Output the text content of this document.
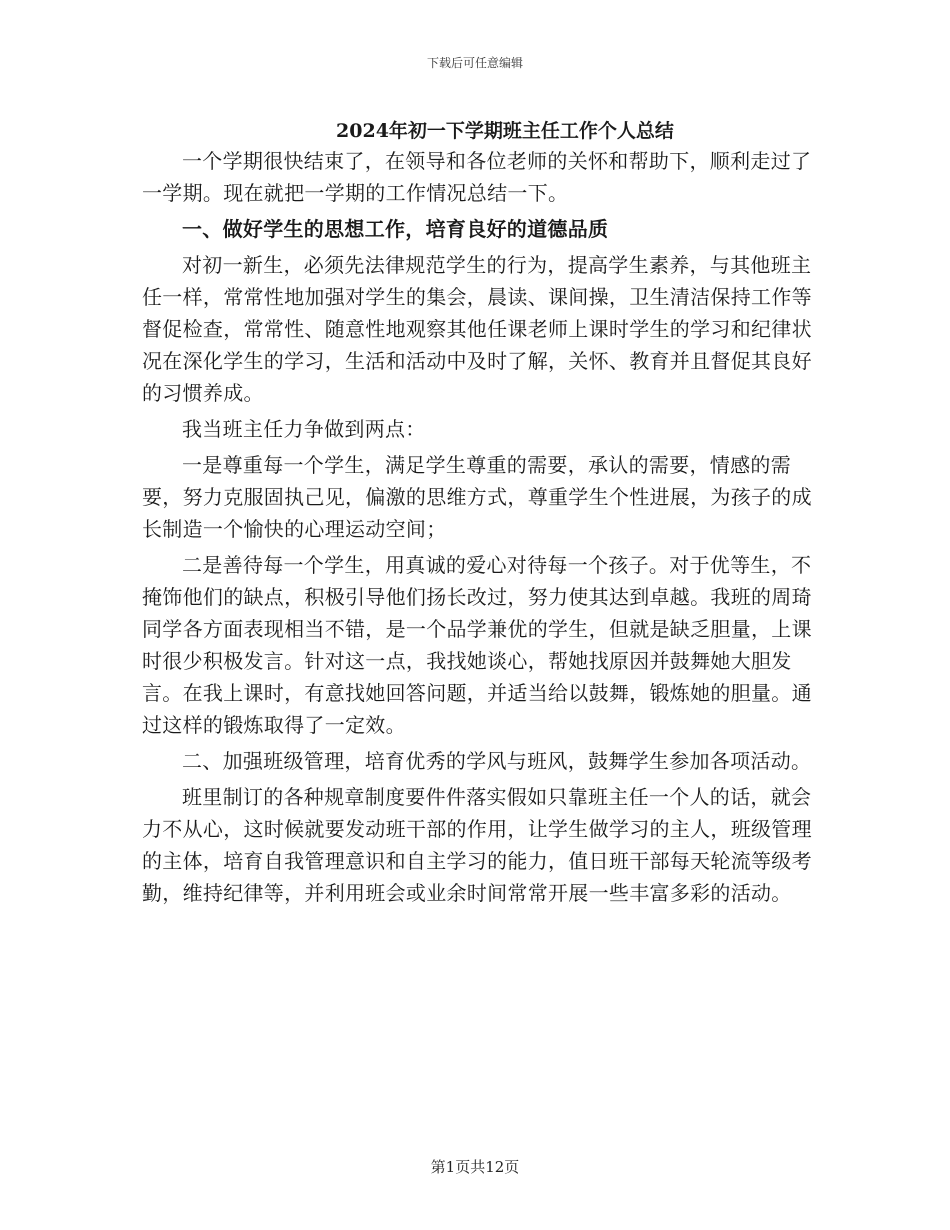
下载后可任意编辑
2024年初一下学期班主任工作个人总结

一个学期很快结束了，在领导和各位老师的关怀和帮助下，顺利走过了一学期。现在就把一学期的工作情况总结一下。

一、做好学生的思想工作，培育良好的道德品质

对初一新生，必须先法律规范学生的行为，提高学生素养，与其他班主任一样，常常性地加强对学生的集会，晨读、课间操，卫生清洁保持工作等督促检查，常常性、随意性地观察其他任课老师上课时学生的学习和纪律状况在深化学生的学习，生活和活动中及时了解，关怀、教育并且督促其良好的习惯养成。

我当班主任力争做到两点：

一是尊重每一个学生，满足学生尊重的需要，承认的需要，情感的需要，努力克服固执己见，偏激的思维方式，尊重学生个性进展，为孩子的成长制造一个愉快的心理运动空间；

二是善待每一个学生，用真诚的爱心对待每一个孩子。对于优等生，不掩饰他们的缺点，积极引导他们扬长改过，努力使其达到卓越。我班的周琦同学各方面表现相当不错，是一个品学兼优的学生，但就是缺乏胆量，上课时很少积极发言。针对这一点，我找她谈心，帮她找原因并鼓舞她大胆发言。在我上课时，有意找她回答问题，并适当给以鼓舞，锻炼她的胆量。通过这样的锻炼取得了一定效。

二、加强班级管理，培育优秀的学风与班风，鼓舞学生参加各项活动。

班里制订的各种规章制度要件件落实假如只靠班主任一个人的话，就会力不从心，这时候就要发动班干部的作用，让学生做学习的主人，班级管理的主体，培育自我管理意识和自主学习的能力，值日班干部每天轮流等级考勤，维持纪律等，并利用班会或业余时间常常开展一些丰富多彩的活动。

第1页共12页
